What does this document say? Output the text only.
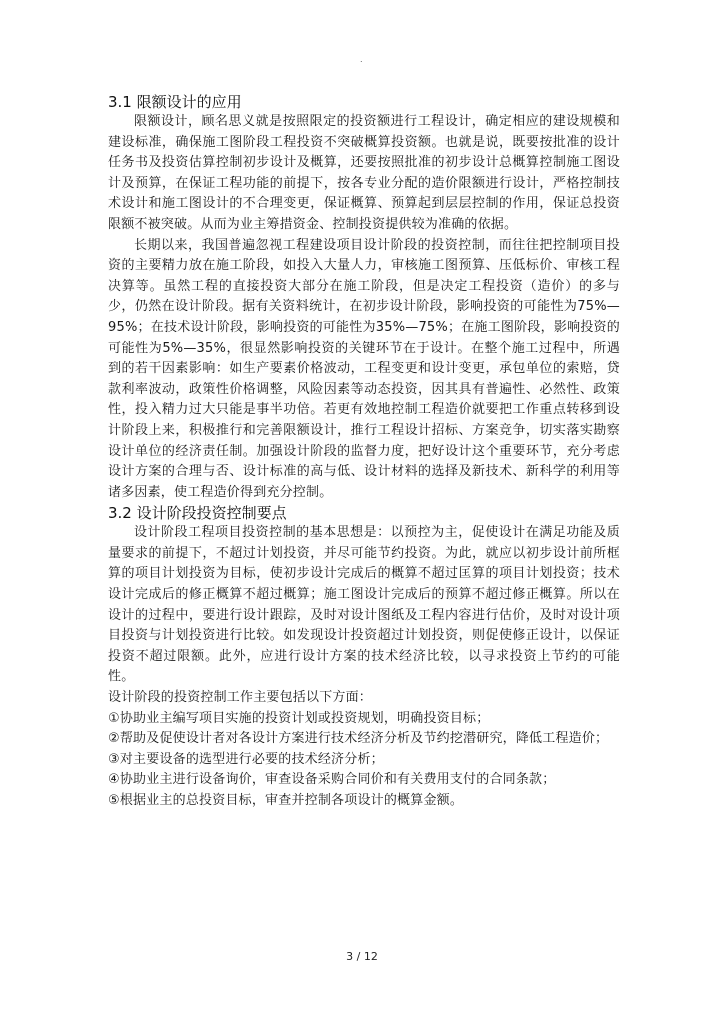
.
3.1 限额设计的应用

限额设计，顾名思义就是按照限定的投资额进行工程设计，确定相应的建设规模和建设标准，确保施工图阶段工程投资不突破概算投资额。也就是说，既要按批准的设计任务书及投资估算控制初步设计及概算，还要按照批准的初步设计总概算控制施工图设计及预算，在保证工程功能的前提下，按各专业分配的造价限额进行设计，严格控制技术设计和施工图设计的不合理变更，保证概算、预算起到层层控制的作用，保证总投资限额不被突破。从而为业主筹措资金、控制投资提供较为准确的依据。

长期以来，我国普遍忽视工程建设项目设计阶段的投资控制，而往往把控制项目投资的主要精力放在施工阶段，如投入大量人力，审核施工图预算、压低标价、审核工程决算等。虽然工程的直接投资大部分在施工阶段，但是决定工程投资（造价）的多与少，仍然在设计阶段。据有关资料统计，在初步设计阶段，影响投资的可能性为75%—95%；在技术设计阶段，影响投资的可能性为35%—75%；在施工图阶段，影响投资的可能性为5%—35%，很显然影响投资的关键环节在于设计。在整个施工过程中，所遇到的若干因素影响：如生产要素价格波动，工程变更和设计变更，承包单位的索赔，贷款利率波动，政策性价格调整，风险因素等动态投资，因其具有普遍性、必然性、政策性，投入精力过大只能是事半功倍。若更有效地控制工程造价就要把工作重点转移到设计阶段上来，积极推行和完善限额设计，推行工程设计招标、方案竞争，切实落实勘察设计单位的经济责任制。加强设计阶段的监督力度，把好设计这个重要环节，充分考虑设计方案的合理与否、设计标准的高与低、设计材料的选择及新技术、新科学的利用等诸多因素，使工程造价得到充分控制。

3.2 设计阶段投资控制要点

设计阶段工程项目投资控制的基本思想是：以预控为主，促使设计在满足功能及质量要求的前提下，不超过计划投资，并尽可能节约投资。为此，就应以初步设计前所框算的项目计划投资为目标，使初步设计完成后的概算不超过匡算的项目计划投资；技术设计完成后的修正概算不超过概算；施工图设计完成后的预算不超过修正概算。所以在设计的过程中，要进行设计跟踪，及时对设计图纸及工程内容进行估价，及时对设计项目投资与计划投资进行比较。如发现设计投资超过计划投资，则促使修正设计，以保证投资不超过限额。此外，应进行设计方案的技术经济比较，以寻求投资上节约的可能性。

设计阶段的投资控制工作主要包括以下方面：

①协助业主编写项目实施的投资计划或投资规划，明确投资目标；
②帮助及促使设计者对各设计方案进行技术经济分析及节约挖潜研究，降低工程造价；
③对主要设备的选型进行必要的技术经济分析；
④协助业主进行设备询价，审查设备采购合同价和有关费用支付的合同条款；
⑤根据业主的总投资目标，审查并控制各项设计的概算金额。
3 / 12
